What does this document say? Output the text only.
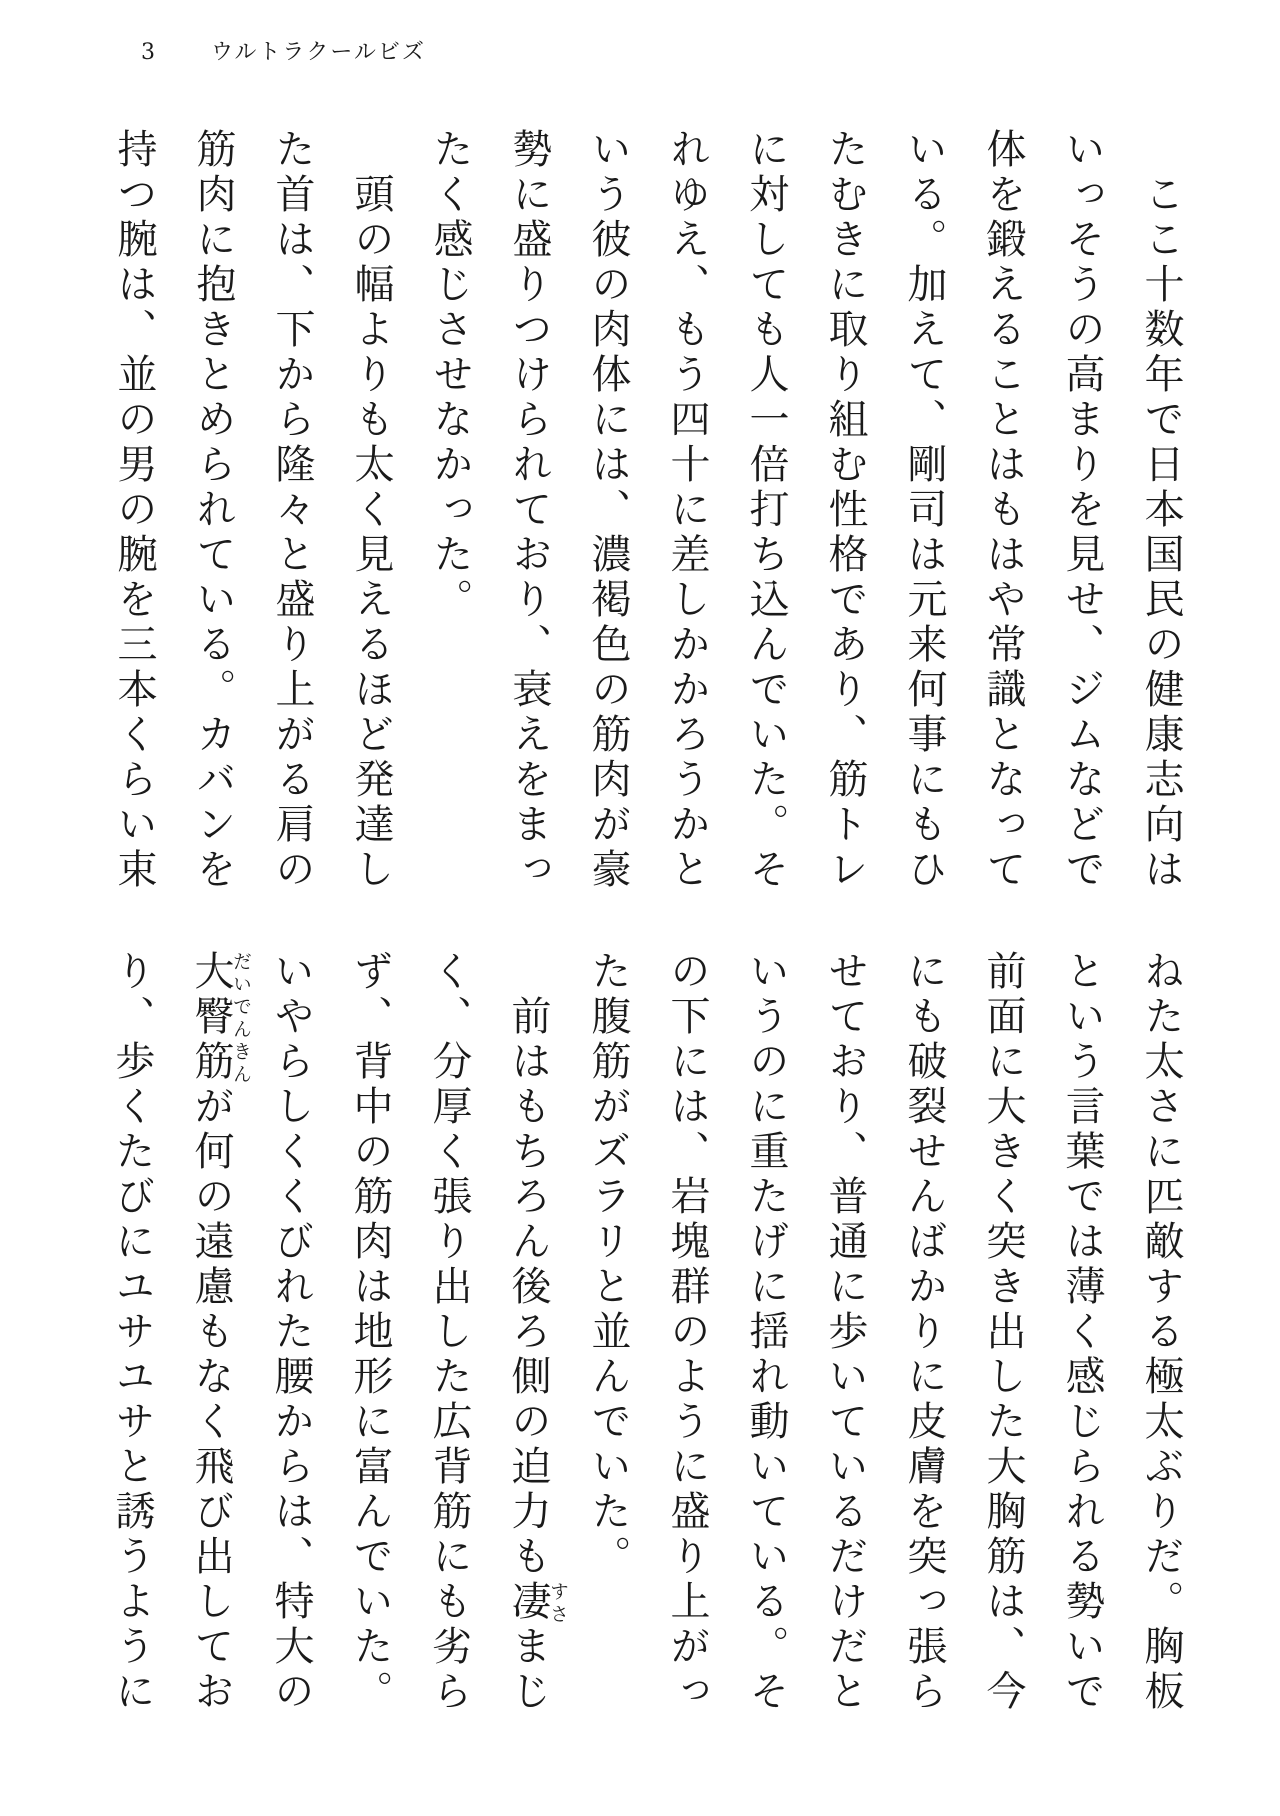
3	ウルトラクールビズ
　ここ十数年で日本国民の健康志向は
いっそうの高まりを見せ、ジムなどで
体を鍛えることはもはや常識となって
いる。加えて、剛司は元来何事にもひ
たむきに取り組む性格であり、筋トレ
に対しても人一倍打ち込んでいた。そ
れゆえ、もう四十に差しかかろうかと
いう彼の肉体には、濃褐色の筋肉が豪
勢に盛りつけられており、衰えをまっ
たく感じさせなかった。
　頭の幅よりも太く見えるほど発達し
た首は、下から隆々と盛り上がる肩の
筋肉に抱きとめられている。カバンを
持つ腕は、並の男の腕を三本くらい束
ねた太さに匹敵する極太ぶりだ。胸板
という言葉では薄く感じられる勢いで
前面に大きく突き出した大胸筋は、今
にも破裂せんばかりに皮膚を突っ張ら
せており、普通に歩いているだけだと
いうのに重たげに揺れ動いている。そ
の下には、岩塊群のように盛り上がっ
た腹筋がズラリと並んでいた。
　前はもちろん後ろ側の迫力も凄すさまじ
く、分厚く張り出した広背筋にも劣ら
ず、背中の筋肉は地形に富んでいた。
いやらしくくびれた腰からは、特大の
大臀筋だいでんきんが何の遠慮もなく飛び出してお
り、歩くたびにユサユサと誘うように
